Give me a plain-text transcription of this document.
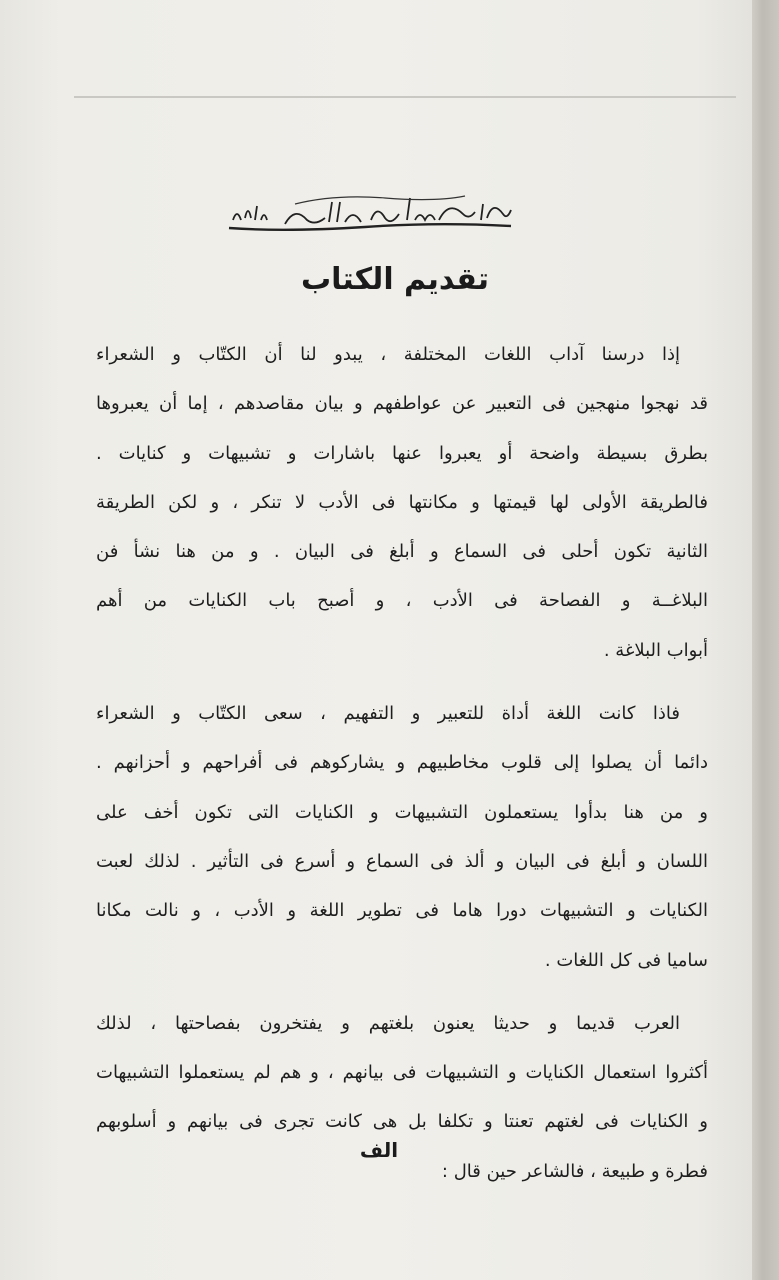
تقديم الكتاب
إذا درسنا آداب اللغات المختلفة ، يبدو لنا أن الكتّاب و الشعراء
قد نهجوا منهجين فى التعبير عن عواطفهم و بيان مقاصدهم ، إما أن يعبروها
بطرق بسيطة واضحة أو يعبروا عنها باشارات و تشبيهات و كنايات .
فالطريقة الأولى لها قيمتها و مكانتها فى الأدب لا تنكر ، و لكن الطريقة
الثانية تكون أحلى فى السماع و أبلغ فى البيان . و من هنا نشأ فن
البلاغــة و الفصاحة فى الأدب ، و أصبح باب الكنايات من أهم
أبواب البلاغة .
فاذا كانت اللغة أداة للتعبير و التفهيم ، سعى الكتّاب و الشعراء
دائما أن يصلوا إلى قلوب مخاطبيهم و يشاركوهم فى أفراحهم و أحزانهم .
و من هنا بدأوا يستعملون التشبيهات و الكنايات التى تكون أخف على
اللسان و أبلغ فى البيان و ألذ فى السماع و أسرع فى التأثير . لذلك لعبت
الكنايات و التشبيهات دورا هاما فى تطوير اللغة و الأدب ، و نالت مكانا
ساميا فى كل اللغات .
العرب قديما و حديثا يعنون بلغتهم و يفتخرون بفصاحتها ، لذلك
أكثروا استعمال الكنايات و التشبيهات فى بيانهم ، و هم لم يستعملوا التشبيهات
و الكنايات فى لغتهم تعنتا و تكلفا بل هى كانت تجرى فى بيانهم و أسلوبهم
فطرة و طبيعة ، فالشاعر حين قال :
الف
